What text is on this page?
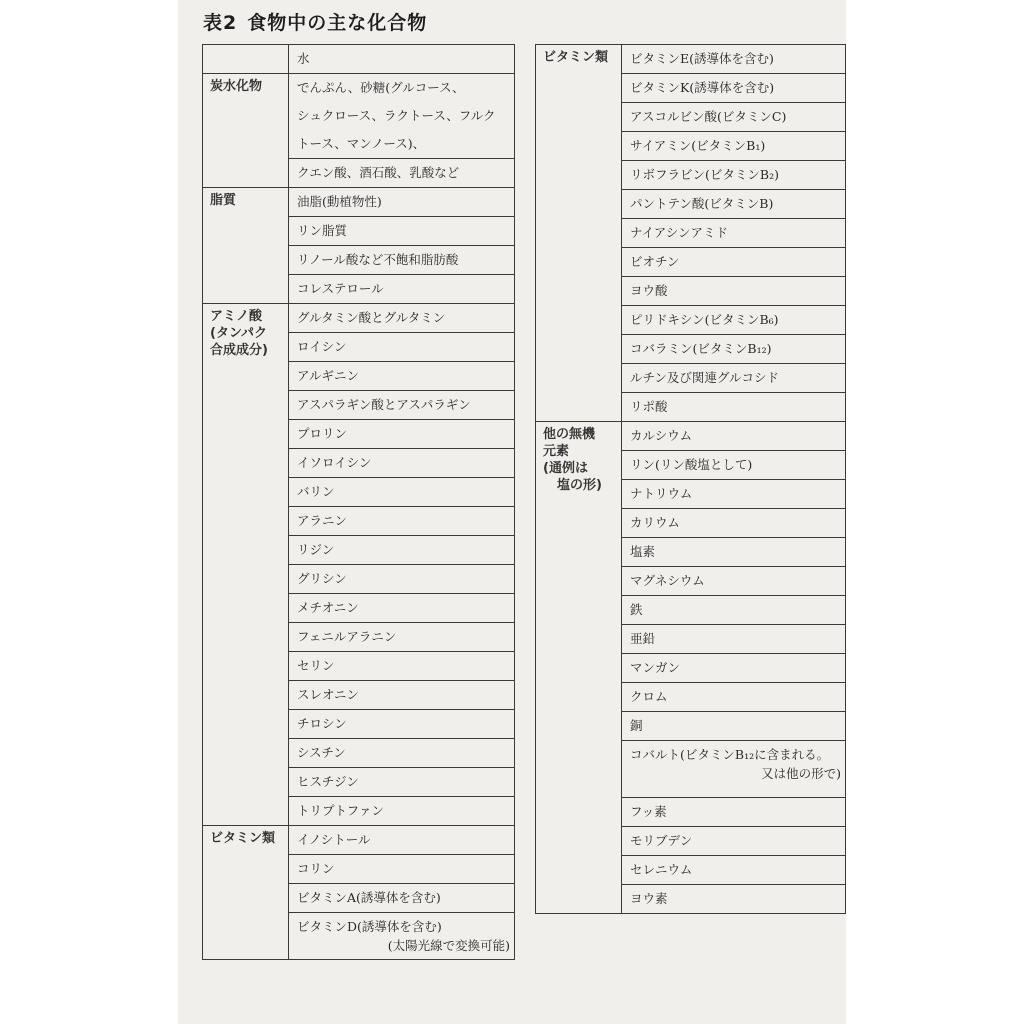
表2 食物中の主な化合物
	水
炭水化物	でんぷん、砂糖(グルコース、
	シュクロース、ラクトース、フルク
	トース、マンノース)、
	クエン酸、酒石酸、乳酸など
脂質	油脂(動植物性)
	リン脂質
	リノール酸など不飽和脂肪酸
	コレステロール

アミノ酸
(タンパク
合成成分)	グルタミン酸とグルタミン
	ロイシン
	アルギニン
	アスパラギン酸とアスパラギン
	プロリン
	イソロイシン
	バリン
	アラニン
	リジン
	グリシン
	メチオニン
	フェニルアラニン
	セリン
	スレオニン
	チロシン
	シスチン
	ヒスチジン
	トリプトファン
ビタミン類	イノシトール
	コリン
	ビタミンA(誘導体を含む)
	ビタミンD(誘導体を含む)
(太陽光線で変換可能)
ビタミン類	ビタミンE(誘導体を含む)
	ビタミンK(誘導体を含む)
	アスコルビン酸(ビタミンC)
	サイアミン(ビタミンB₁)
	リボフラビン(ビタミンB₂)
	パントテン酸(ビタミンB)
	ナイアシンアミド
	ビオチン
	ヨウ酸
	ピリドキシン(ビタミンB₆)
	コバラミン(ビタミンB₁₂)
	ルチン及び関連グルコシド
	リポ酸

他の無機
元素
(通例は
塩の形)	カルシウム
	リン(リン酸塩として)
	ナトリウム
	カリウム
	塩素
	マグネシウム
	鉄
	亜鉛
	マンガン
	クロム
	銅
	コバルト(ビタミンB₁₂に含まれる。
又は他の形で)

	フッ素
	モリブデン
	セレニウム
	ヨウ素
